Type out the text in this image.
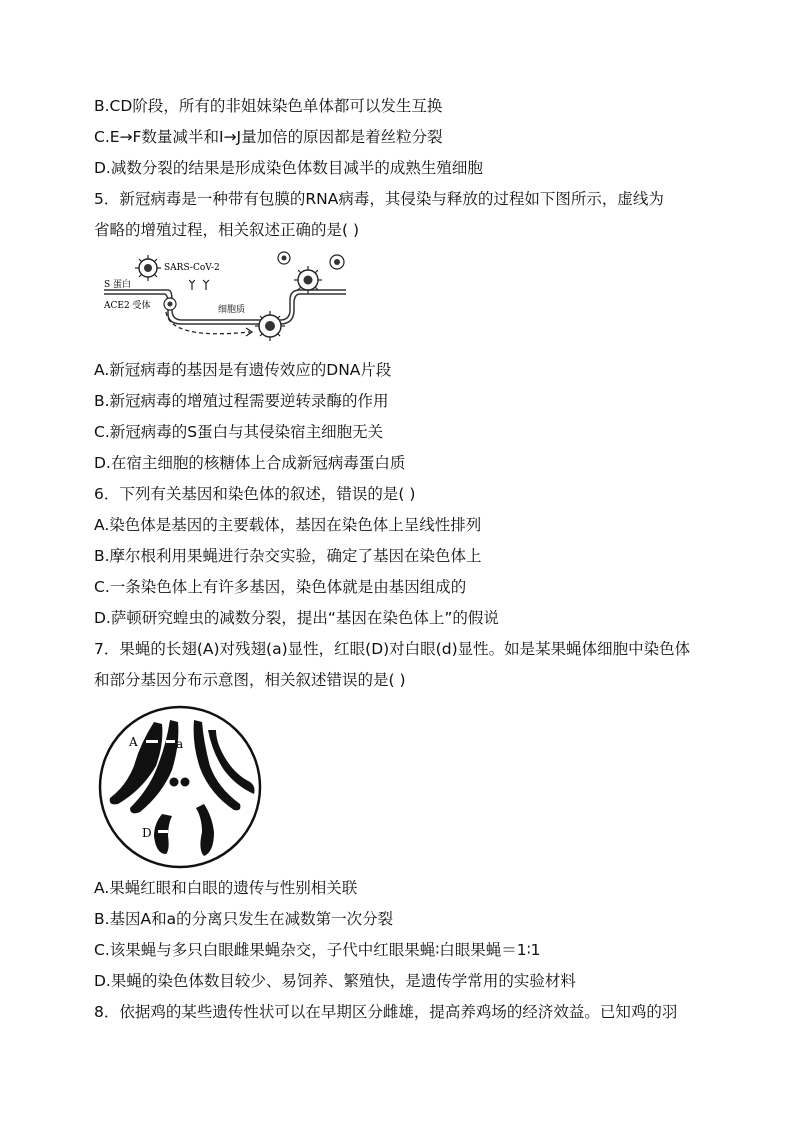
B.CD阶段，所有的非姐妹染色单体都可以发生互换
C.E→F数量减半和Ⅰ→J量加倍的原因都是着丝粒分裂
D.减数分裂的结果是形成染色体数目减半的成熟生殖细胞
5．新冠病毒是一种带有包膜的RNA病毒，其侵染与释放的过程如下图所示，虚线为
省略的增殖过程，相关叙述正确的是( )
SARS-CoV-2
S 蛋白
ACE2 受体	细胞质
A.新冠病毒的基因是有遗传效应的DNA片段
B.新冠病毒的增殖过程需要逆转录酶的作用
C.新冠病毒的S蛋白与其侵染宿主细胞无关
D.在宿主细胞的核糖体上合成新冠病毒蛋白质
6．下列有关基因和染色体的叙述，错误的是( )
A.染色体是基因的主要载体，基因在染色体上呈线性排列
B.摩尔根利用果蝇进行杂交实验，确定了基因在染色体上
C.一条染色体上有许多基因，染色体就是由基因组成的
D.萨顿研究蝗虫的减数分裂，提出“基因在染色体上”的假说
7．果蝇的长翅(A)对残翅(a)显性，红眼(D)对白眼(d)显性。如是某果蝇体细胞中染色体
和部分基因分布示意图，相关叙述错误的是( )
A	a
D
A.果蝇红眼和白眼的遗传与性别相关联
B.基因A和a的分离只发生在减数第一次分裂
C.该果蝇与多只白眼雌果蝇杂交，子代中红眼果蝇∶白眼果蝇＝1∶1
D.果蝇的染色体数目较少、易饲养、繁殖快，是遗传学常用的实验材料
8．依据鸡的某些遗传性状可以在早期区分雌雄，提高养鸡场的经济效益。已知鸡的羽
